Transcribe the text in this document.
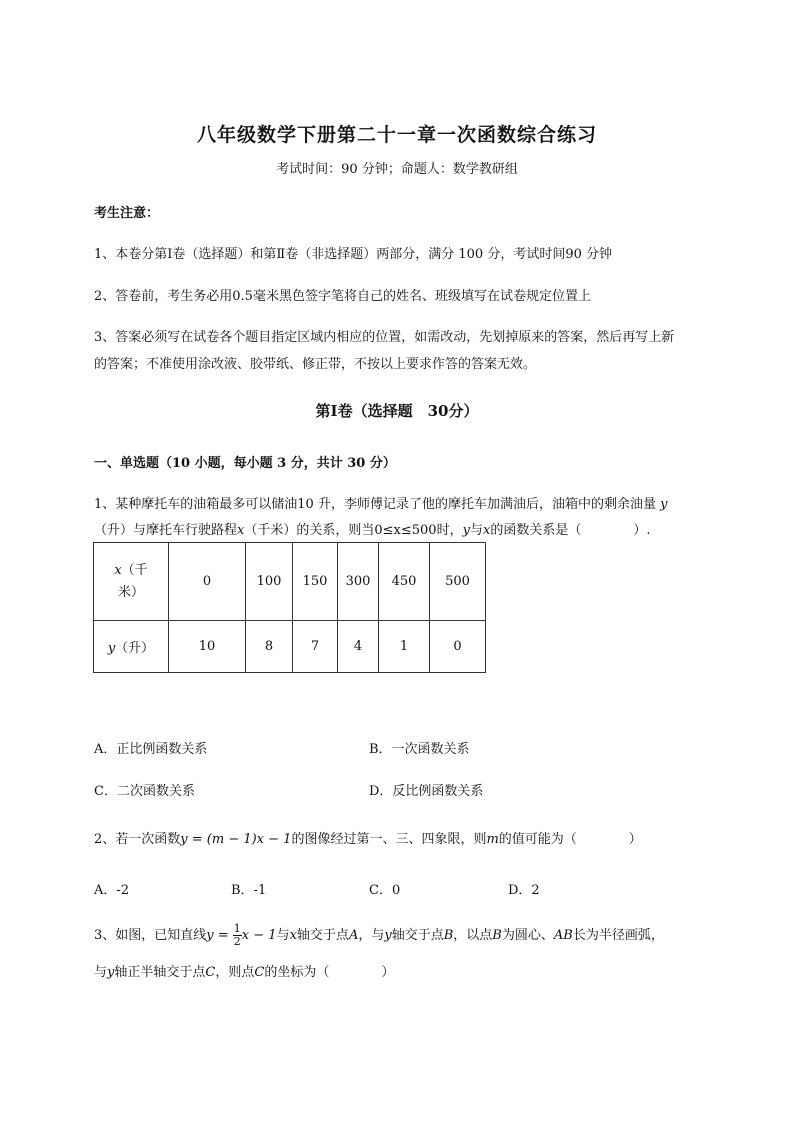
八年级数学下册第二十一章一次函数综合练习
考试时间：90 分钟；命题人：数学教研组
考生注意：
1、本卷分第Ⅰ卷（选择题）和第Ⅱ卷（非选择题）两部分，满分 100 分，考试时间90 分钟
2、答卷前，考生务必用0.5毫米黑色签字笔将自己的姓名、班级填写在试卷规定位置上
3、答案必须写在试卷各个题目指定区域内相应的位置，如需改动，先划掉原来的答案，然后再写上新
的答案；不准使用涂改液、胶带纸、修正带，不按以上要求作答的答案无效。
第Ⅰ卷（选择题　30分）
一、单选题（10 小题，每小题 3 分，共计 30 分）
1、某种摩托车的油箱最多可以储油10 升，李师傅记录了他的摩托车加满油后，油箱中的剩余油量 y
（升）与摩托车行驶路程x（千米）的关系，则当0≤x≤500时，y与x的函数关系是（　　　　）.
x（千
米）	0	100	150	300	450	500
y（升）	10	8	7	4	1	0
A．正比例函数关系	B．一次函数关系
C．二次函数关系	D．反比例函数关系
2、若一次函数y = (m − 1)x − 1的图像经过第一、三、四象限，则m的值可能为（　　　　）
A．-2	B．-1	C．0	D．2
3、如图，已知直线$y = \frac{1}{2}$ x − 1与x轴交于点A，与y轴交于点B，以点B为圆心、AB长为半径画弧，
与y轴正半轴交于点C，则点C的坐标为（　　　　）
